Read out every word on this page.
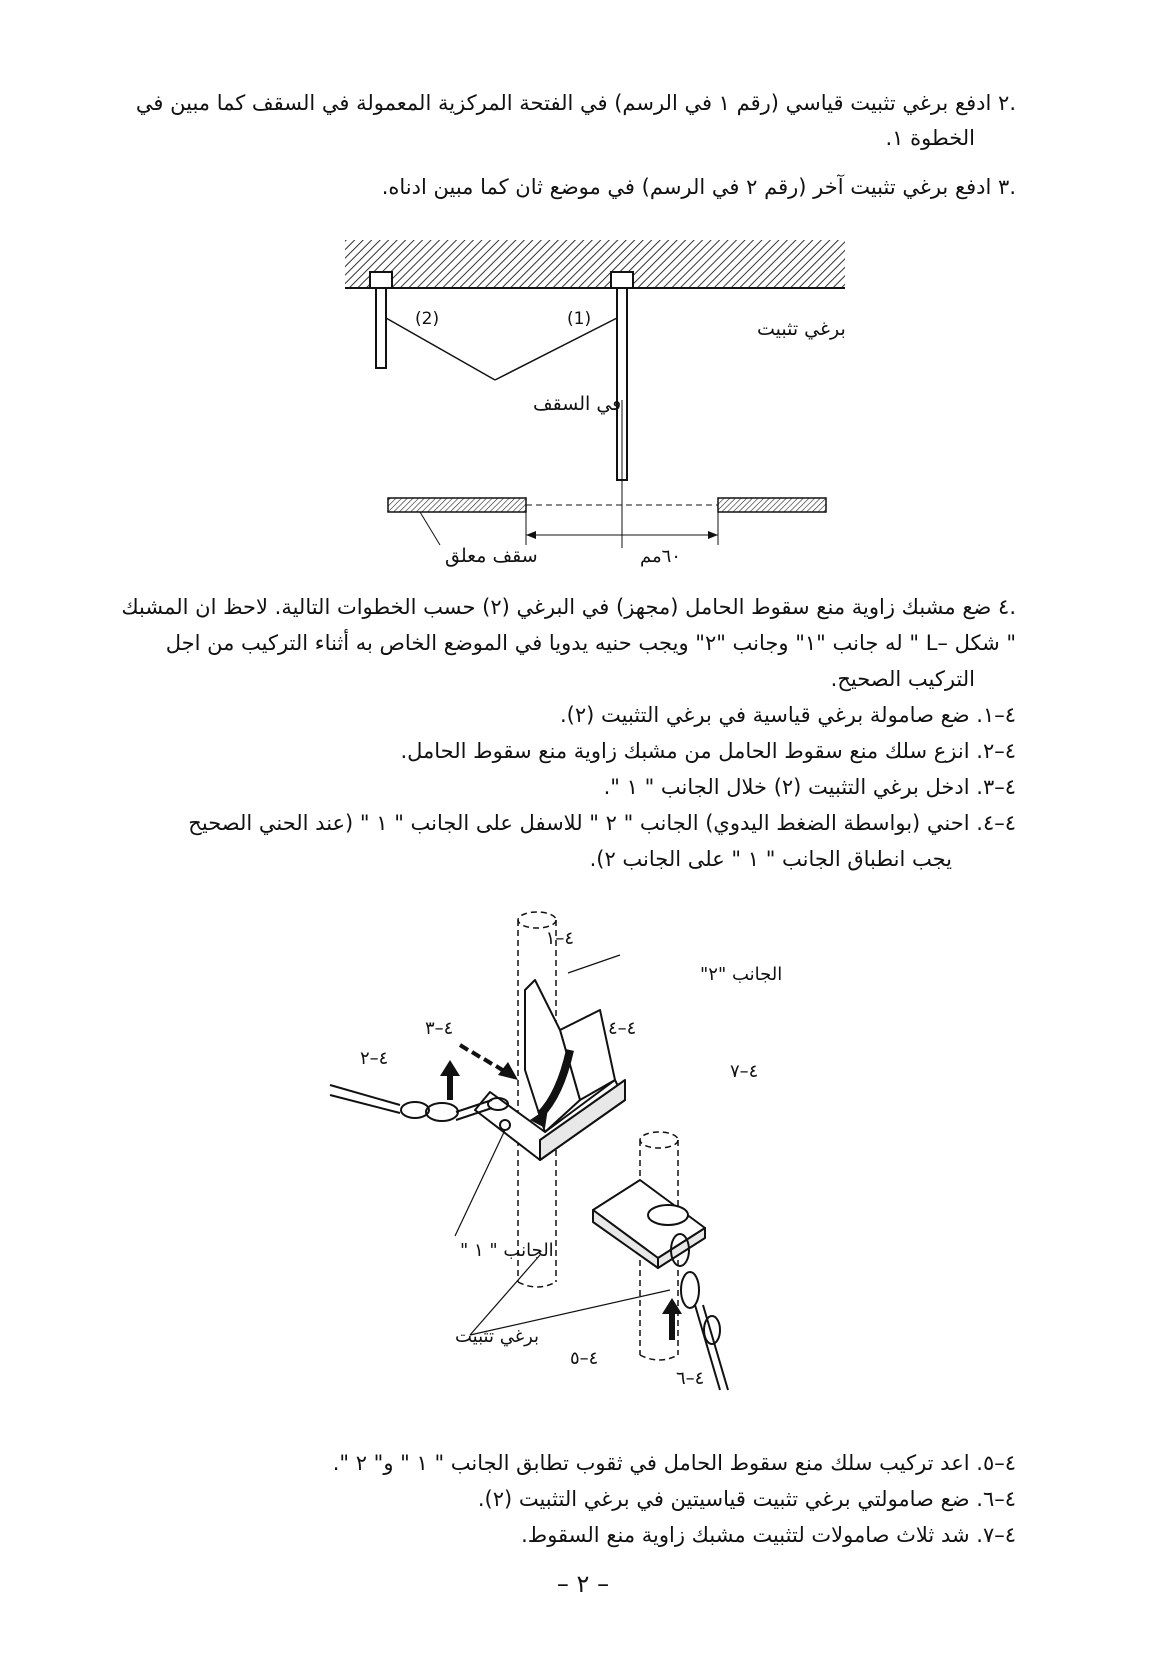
.٢ ادفع برغي تثبيت قياسي (رقم ١ في الرسم) في الفتحة المركزية المعمولة في السقف كما مبين في
الخطوة ١.
.٣ ادفع برغي تثبيت آخر (رقم ٢ في الرسم) في موضع ثان كما مبين ادناه.
(2)	(1)	برغي تثبيت
في السقف
سقف معلق	٦٠مم
.٤ ضع مشبك زاوية منع سقوط الحامل (مجهز) في البرغي (٢) حسب الخطوات التالية. لاحظ ان المشبك
" شكل –L " له جانب "١" وجانب "٢" ويجب حنيه يدويا في الموضع الخاص به أثناء التركيب من اجل
التركيب الصحيح.
٤–١. ضع صامولة برغي قياسية في برغي التثبيت (٢).
٤–٢. انزع سلك منع سقوط الحامل من مشبك زاوية منع سقوط الحامل.
٤–٣. ادخل برغي التثبيت (٢) خلال الجانب " ١ ".
٤–٤. احني (بواسطة الضغط اليدوي) الجانب " ٢ " للاسفل على الجانب " ١ " (عند الحني الصحيح
يجب انطباق الجانب " ١ " على الجانب ٢).
٤–١
الجانب "٢"
٤–٣	٤–٤
٤–٢
٤–٧
الجانب " ١ "
برغي تثبيت
٤–٥
٤–٦
٤–٥. اعد تركيب سلك منع سقوط الحامل في ثقوب تطابق الجانب " ١ " و" ٢ ".
٤–٦. ضع صامولتي برغي تثبيت قياسيتين في برغي التثبيت (٢).
٤–٧. شد ثلاث صامولات لتثبيت مشبك زاوية منع السقوط.
– ٢ –
